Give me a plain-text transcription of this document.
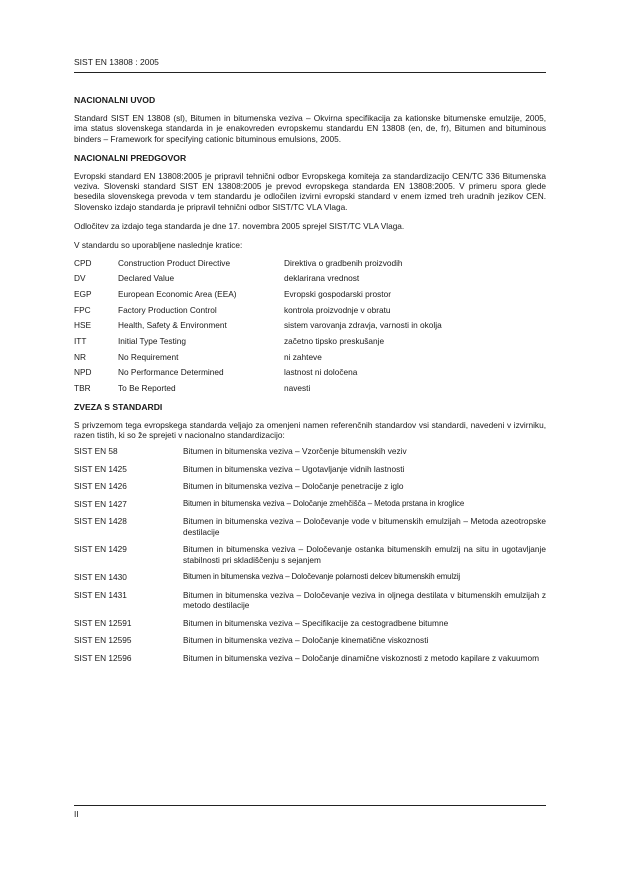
SIST EN 13808 : 2005
NACIONALNI UVOD

Standard SIST EN 13808 (sl), Bitumen in bitumenska veziva – Okvirna specifikacija za kationske bitumenske emulzije, 2005, ima status slovenskega standarda in je enakovreden evropskemu standardu EN 13808 (en, de, fr), Bitumen and bituminous binders – Framework for specifying cationic bituminous emulsions, 2005.

NACIONALNI PREDGOVOR

Evropski standard EN 13808:2005 je pripravil tehnični odbor Evropskega komiteja za standardizacijo CEN/TC 336 Bitumenska veziva. Slovenski standard SIST EN 13808:2005 je prevod evropskega standarda EN 13808:2005. V primeru spora glede besedila slovenskega prevoda v tem standardu je odločilen izvirni evropski standard v enem izmed treh uradnih jezikov CEN. Slovensko izdajo standarda je pripravil tehnični odbor SIST/TC VLA Vlaga.

Odločitev za izdajo tega standarda je dne 17. novembra 2005 sprejel SIST/TC VLA Vlaga.

V standardu so uporabljene naslednje kratice:

CPD	Construction Product Directive	Direktiva o gradbenih proizvodih
DV	Declared Value	deklarirana vrednost
EGP	European Economic Area (EEA)	Evropski gospodarski prostor
FPC	Factory Production Control	kontrola proizvodnje v obratu
HSE	Health, Safety & Environment	sistem varovanja zdravja, varnosti in okolja
ITT	Initial Type Testing	začetno tipsko preskušanje
NR	No Requirement	ni zahteve
NPD	No Performance Determined	lastnost ni določena
TBR	To Be Reported	navesti
ZVEZA S STANDARDI

S privzemom tega evropskega standarda veljajo za omenjeni namen referenčnih standardov vsi standardi, navedeni v izvirniku, razen tistih, ki so že sprejeti v nacionalno standardizacijo:

SIST EN 58	Bitumen in bitumenska veziva – Vzorčenje bitumenskih veziv
SIST EN 1425	Bitumen in bitumenska veziva – Ugotavljanje vidnih lastnosti
SIST EN 1426	Bitumen in bitumenska veziva – Določanje penetracije z iglo
SIST EN 1427	Bitumen in bitumenska veziva – Določanje zmehčišča – Metoda prstana in kroglice
SIST EN 1428	Bitumen in bitumenska veziva – Določevanje vode v bitumenskih emulzijah – Metoda azeotropske destilacije
SIST EN 1429	Bitumen in bitumenska veziva – Določevanje ostanka bitumenskih emulzij na situ in ugotavljanje stabilnosti pri skladiščenju s sejanjem
SIST EN 1430	Bitumen in bitumenska veziva – Določevanje polarnosti delcev bitumenskih emulzij
SIST EN 1431	Bitumen in bitumenska veziva – Določevanje veziva in oljnega destilata v bitumenskih emulzijah z metodo destilacije
SIST EN 12591	Bitumen in bitumenska veziva – Specifikacije za cestogradbene bitumne
SIST EN 12595	Bitumen in bitumenska veziva – Določanje kinematične viskoznosti
SIST EN 12596	Bitumen in bitumenska veziva – Določanje dinamične viskoznosti z metodo kapilare z vakuumom
II
